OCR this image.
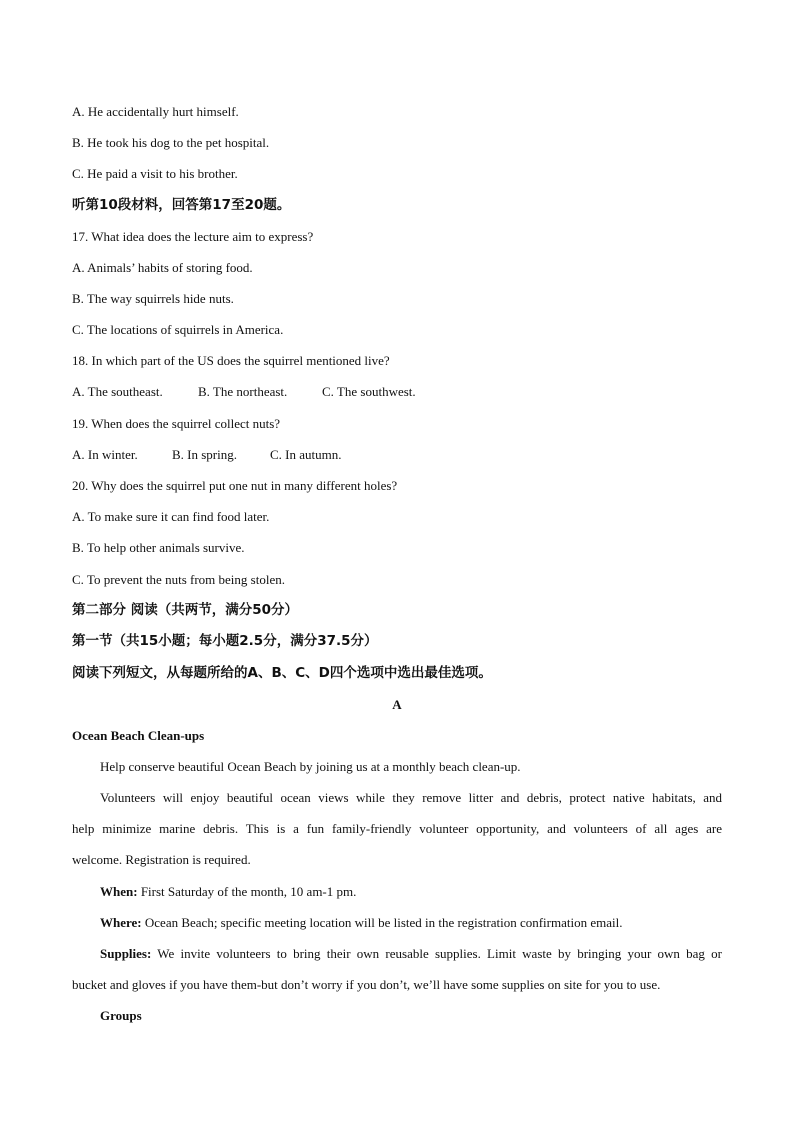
A. He accidentally hurt himself.
B. He took his dog to the pet hospital.
C. He paid a visit to his brother.
听第10段材料，回答第17至20题。
17. What idea does the lecture aim to express?
A. Animals’ habits of storing food.
B. The way squirrels hide nuts.
C. The locations of squirrels in America.
18. In which part of the US does the squirrel mentioned live?
A. The southeast.	B. The northeast.	C. The southwest.
19. When does the squirrel collect nuts?
A. In winter.	B. In spring.	C. In autumn.
20. Why does the squirrel put one nut in many different holes?
A. To make sure it can find food later.
B. To help other animals survive.
C. To prevent the nuts from being stolen.
第二部分 阅读（共两节，满分50分）
第一节（共15小题；每小题2.5分，满分37.5分）
阅读下列短文，从每题所给的A、B、C、D四个选项中选出最佳选项。
A
Ocean Beach Clean-ups
Help conserve beautiful Ocean Beach by joining us at a monthly beach clean-up.
Volunteers will enjoy beautiful ocean views while they remove litter and debris, protect native habitats, and
help minimize marine debris. This is a fun family-friendly volunteer opportunity, and volunteers of all ages are
welcome. Registration is required.
When: First Saturday of the month, 10 am-1 pm.
Where: Ocean Beach; specific meeting location will be listed in the registration confirmation email.
Supplies: We invite volunteers to bring their own reusable supplies. Limit waste by bringing your own bag or
bucket and gloves if you have them-but don’t worry if you don’t, we’ll have some supplies on site for you to use.
Groups
